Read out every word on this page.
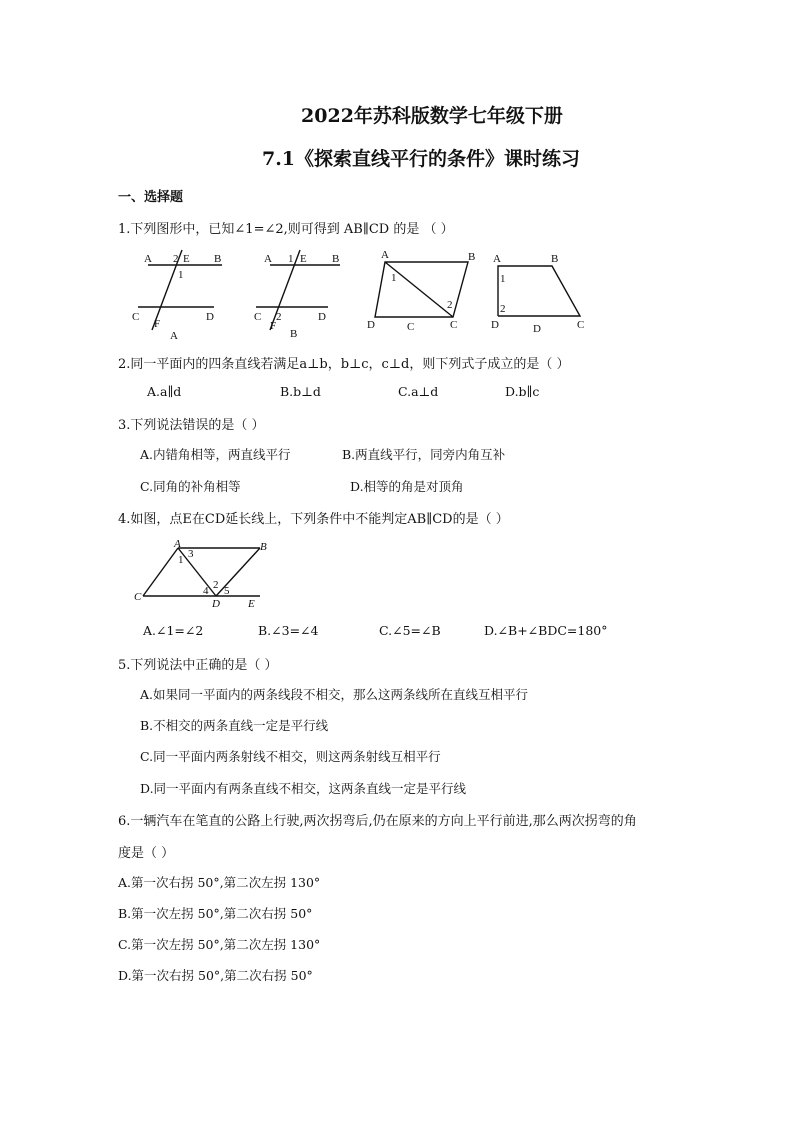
2022年苏科版数学七年级下册
7.1《探索直线平行的条件》课时练习
一、选择题
1.下列图形中，已知∠1=∠2,则可得到 AB∥CD 的是 （ ）
A 2 E B
1
C
F
D
A
A 1 E B
C 2
F
D
B
A	B
1
2
D	C
C
A	B
1
2
D	C
D
2.同一平面内的四条直线若满足a⊥b，b⊥c，c⊥d，则下列式子成立的是（ ）
A.a∥d	B.b⊥d	C.a⊥d	D.b∥c
3.下列说法错误的是（ ）
A.内错角相等，两直线平行	B.两直线平行，同旁内角互补
C.同角的补角相等	D.相等的角是对顶角
4.如图，点E在CD延长线上，下列条件中不能判定AB∥CD的是（ ）
A	B
3
1
C
2
4 5
D	E
A.∠1=∠2	B.∠3=∠4	C.∠5=∠B	D.∠B+∠BDC=180°
5.下列说法中正确的是（ ）
A.如果同一平面内的两条线段不相交，那么这两条线所在直线互相平行
B.不相交的两条直线一定是平行线
C.同一平面内两条射线不相交，则这两条射线互相平行
D.同一平面内有两条直线不相交，这两条直线一定是平行线
6.一辆汽车在笔直的公路上行驶,两次拐弯后,仍在原来的方向上平行前进,那么两次拐弯的角
度是（ ）
A.第一次右拐 50°,第二次左拐 130°
B.第一次左拐 50°,第二次右拐 50°
C.第一次左拐 50°,第二次左拐 130°
D.第一次右拐 50°,第二次右拐 50°
